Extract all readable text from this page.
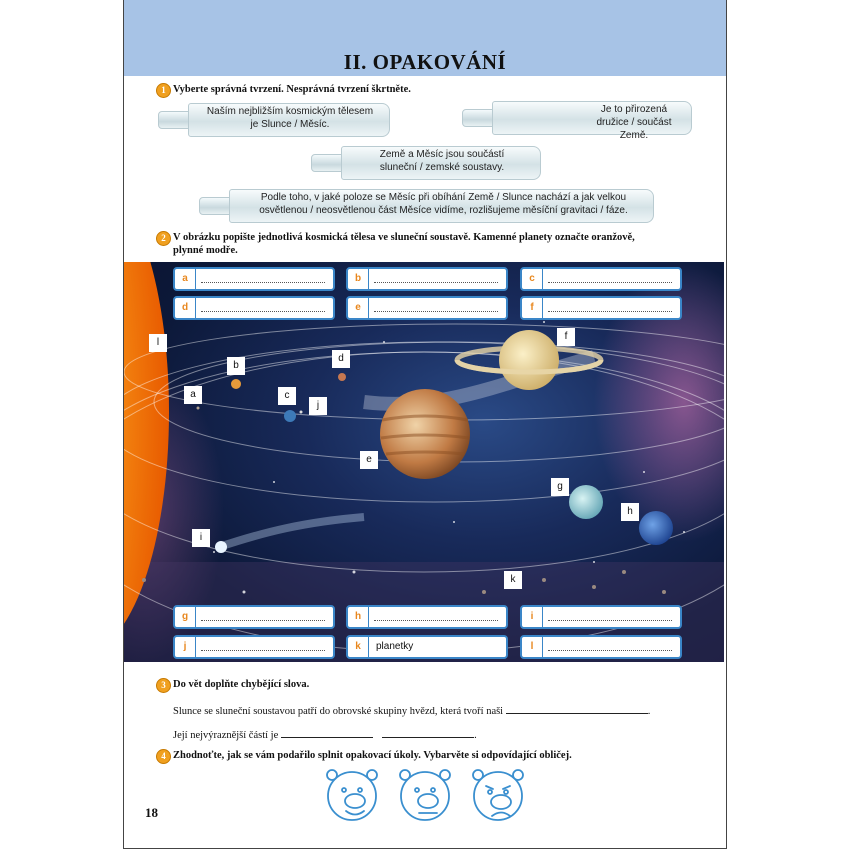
II. OPAKOVÁNÍ
1 Vyberte správná tvrzení. Nesprávná tvrzení škrtněte.
Naším nejbližším kosmickým tělesem
je Slunce / Měsíc.
Je to přirozená
družice / součást Země.
Země a Měsíc jsou součástí
sluneční / zemské soustavy.
Podle toho, v jaké poloze se Měsíc při obíhání Země / Slunce nachází a jak velkou
osvětlenou / neosvětlenou část Měsíce vidíme, rozlišujeme měsíční gravitaci / fáze.
2 V obrázku popište jednotlivá kosmická tělesa ve sluneční soustavě. Kamenné planety označte oranžově,
plynné modře.
l
b
d
f
a	c
j
e
g
h
i
k
a	b	c
d	e	f
g	h	i
j	k	planetky	l
3 Do vět doplňte chybějící slova.
Slunce se sluneční soustavou patří do obrovské skupiny hvězd, která tvoří naši	.
Její nejvýraznější částí je	.
4 Zhodnoťte, jak se vám podařilo splnit opakovací úkoly. Vybarvěte si odpovídající obličej.
18
